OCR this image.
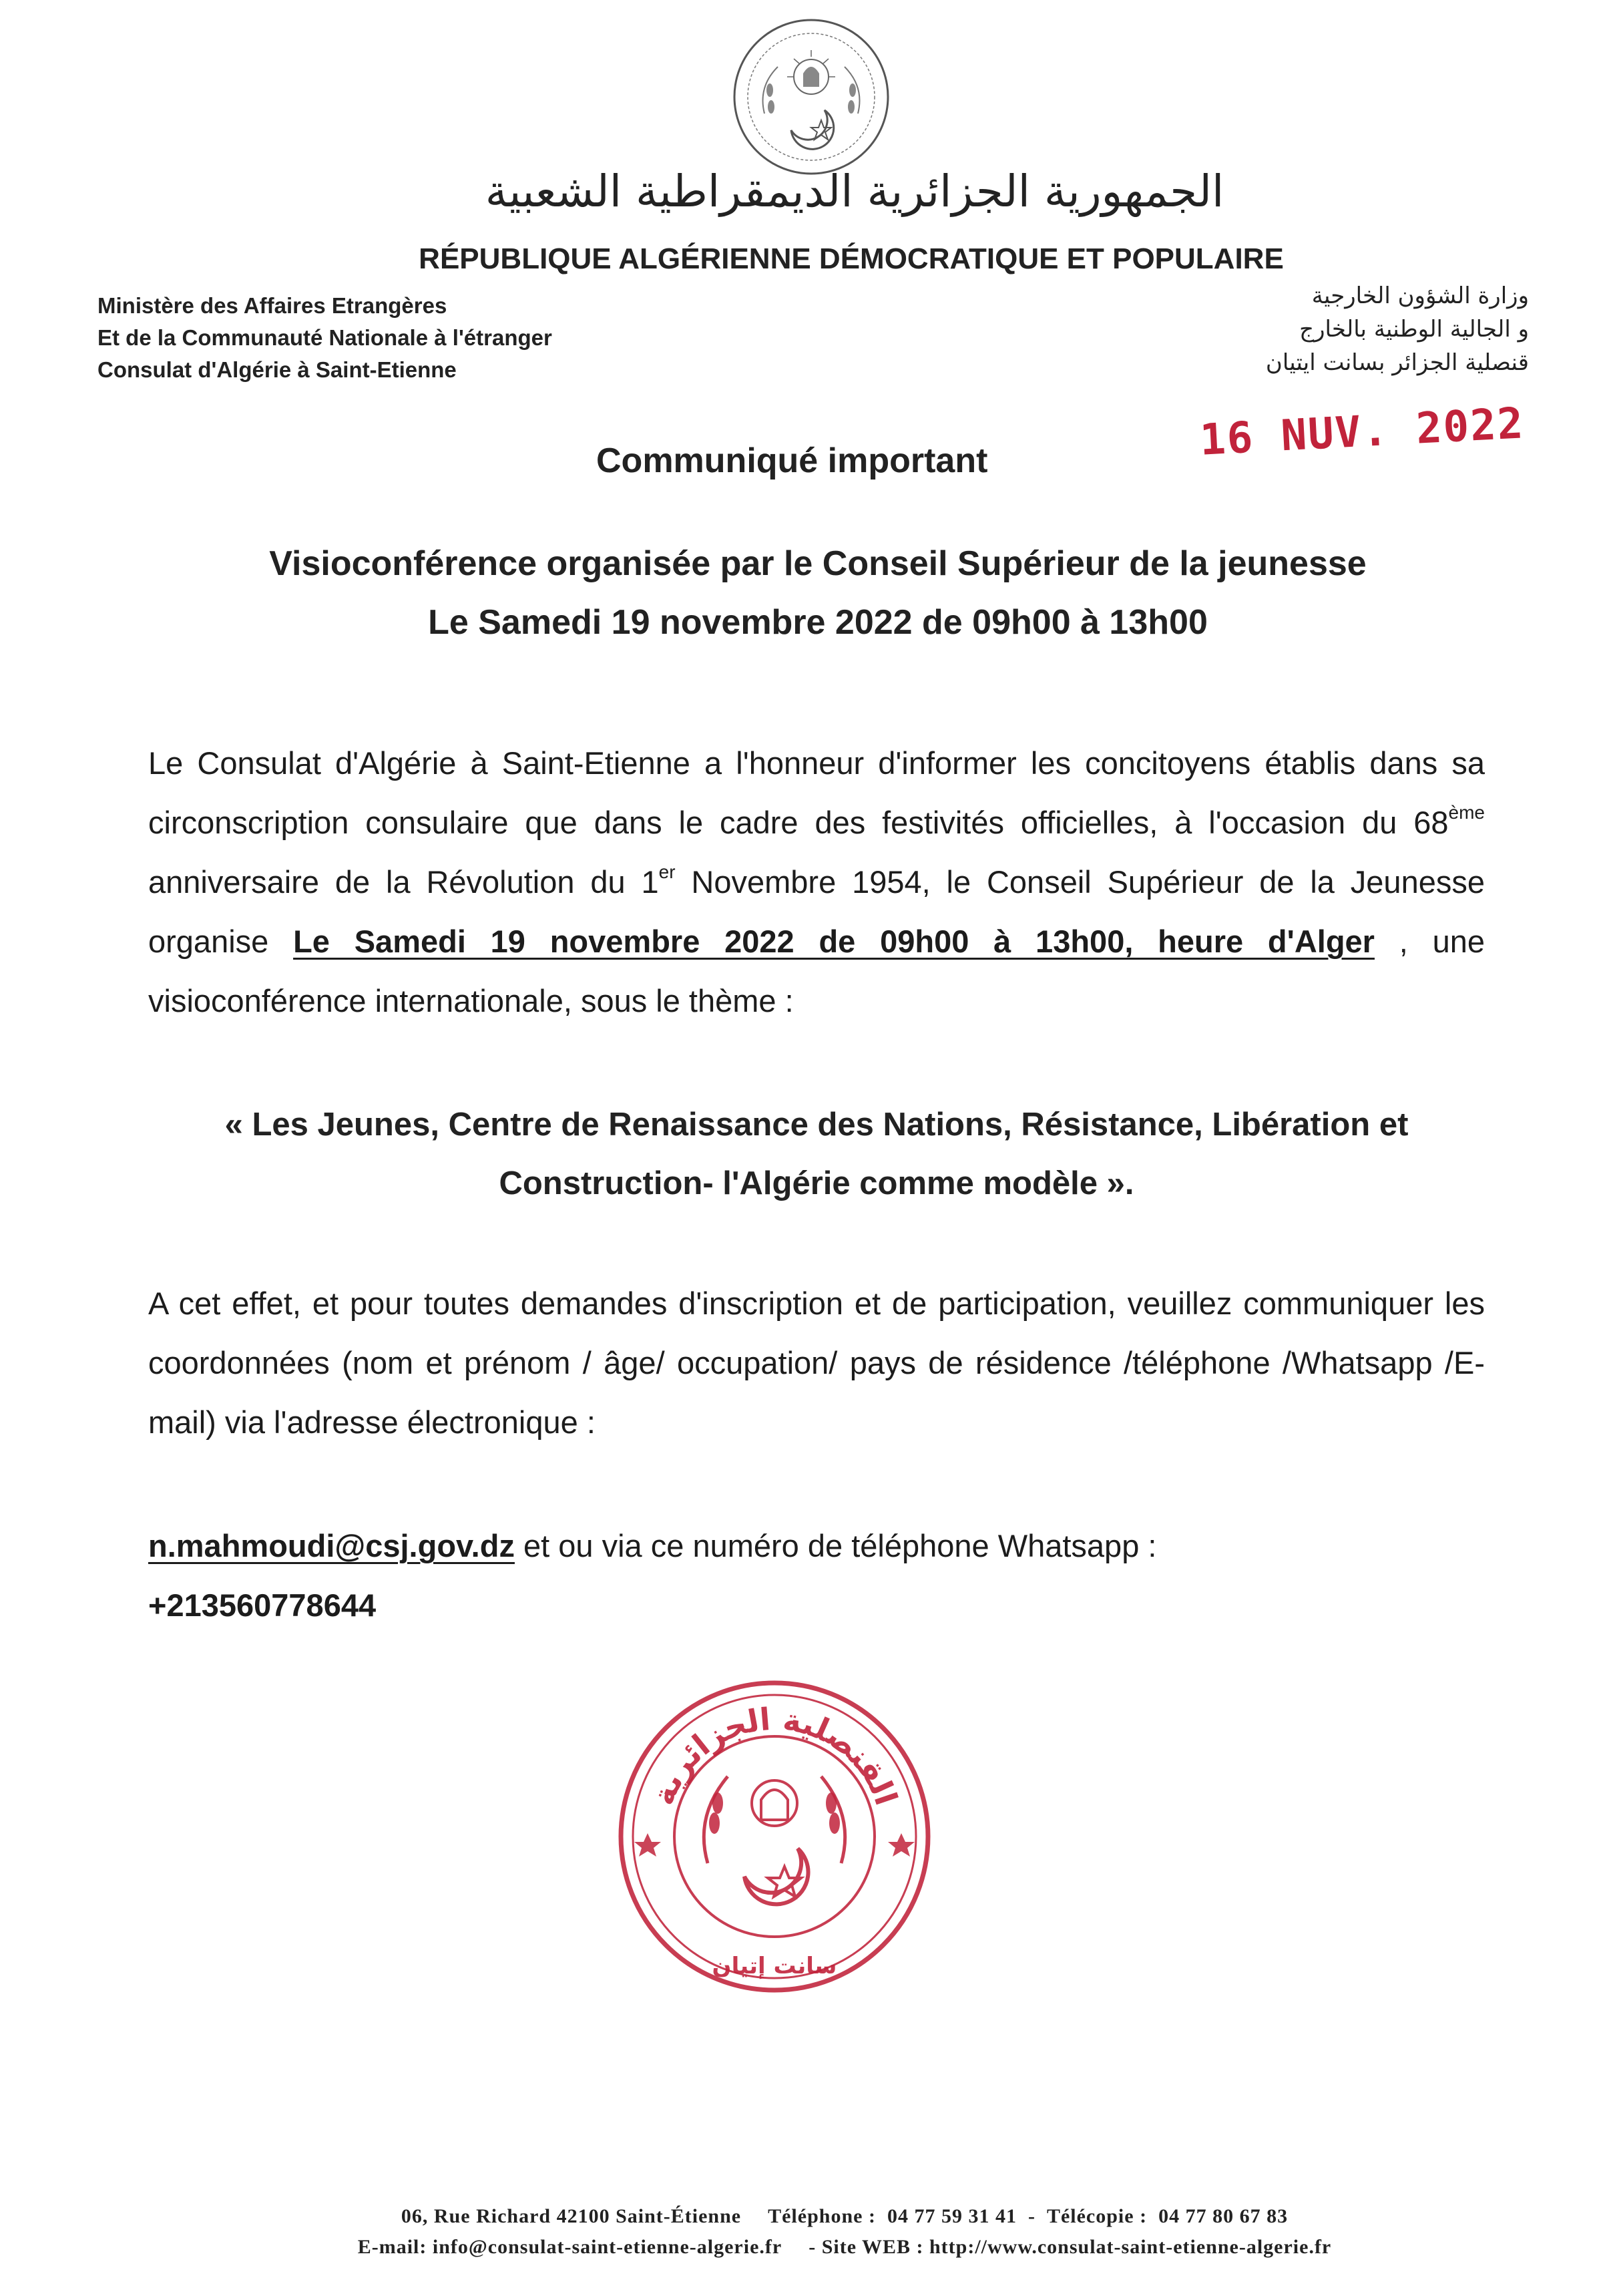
الجمهورية الجزائرية الديمقراطية الشعبية
RÉPUBLIQUE ALGÉRIENNE DÉMOCRATIQUE ET POPULAIRE
Ministère des Affaires Etrangères
Et de la Communauté Nationale à l'étranger
Consulat d'Algérie à Saint-Etienne
وزارة الشؤون الخارجية
و الجالية الوطنية بالخارج
قنصلية الجزائر بسانت ايتيان
Communiqué important	16 NUV. 2022
Visioconférence organisée par le Conseil Supérieur de la jeunesse
Le Samedi 19 novembre 2022 de 09h00 à 13h00
Le Consulat d'Algérie à Saint-Etienne a l'honneur d'informer les concitoyens établis dans sa circonscription consulaire que dans le cadre des festivités officielles, à l'occasion du 68ème anniversaire de la Révolution du 1er Novembre 1954, le Conseil Supérieur de la Jeunesse organise Le Samedi 19 novembre 2022 de 09h00 à 13h00, heure d'Alger , une visioconférence internationale, sous le thème :
« Les Jeunes, Centre de Renaissance des Nations, Résistance, Libération et
Construction- l'Algérie comme modèle ».
A cet effet, et pour toutes demandes d'inscription et de participation, veuillez communiquer les coordonnées (nom et prénom / âge/ occupation/ pays de résidence /téléphone /Whatsapp /E-mail) via l'adresse électronique :
n.mahmoudi@csj.gov.dz et ou via ce numéro de téléphone Whatsapp :
+213560778644
القنصلية الجزائرية
سانت إتيان
06, Rue Richard 42100 Saint-Étienne Téléphone : 04 77 59 31 41  -  Télécopie : 04 77 80 67 83
E-mail: info@consulat-saint-etienne-algerie.fr - Site WEB : http://www.consulat-saint-etienne-algerie.fr
